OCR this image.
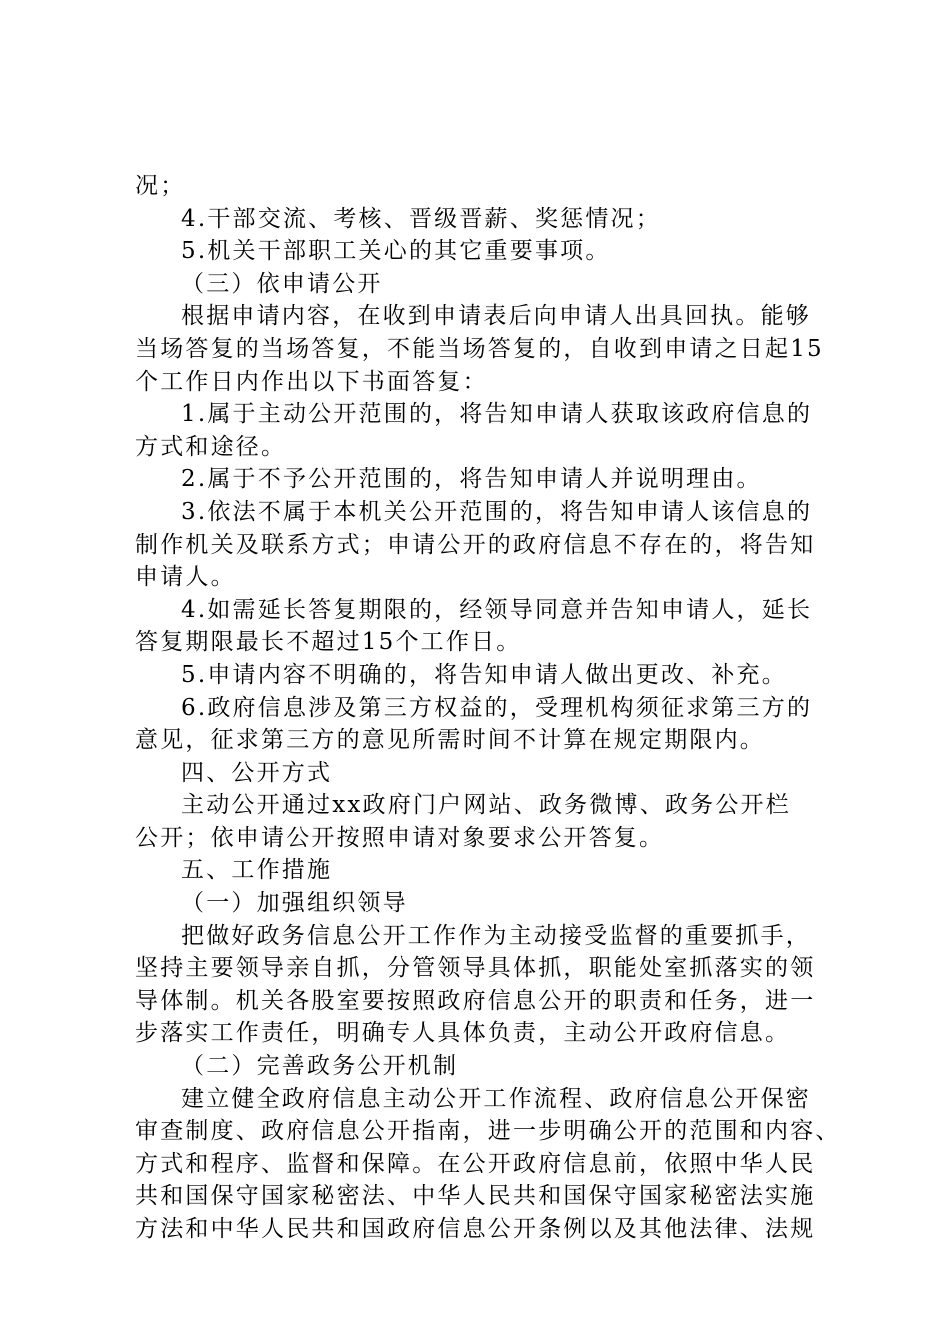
况；

4.干部交流、考核、晋级晋薪、奖惩情况；

5.机关干部职工关心的其它重要事项。

（三）依申请公开

根据申请内容，在收到申请表后向申请人出具回执。能够

当场答复的当场答复，不能当场答复的，自收到申请之日起15

个工作日内作出以下书面答复：

1.属于主动公开范围的，将告知申请人获取该政府信息的

方式和途径。

2.属于不予公开范围的，将告知申请人并说明理由。

3.依法不属于本机关公开范围的，将告知申请人该信息的

制作机关及联系方式；申请公开的政府信息不存在的，将告知

申请人。

4.如需延长答复期限的，经领导同意并告知申请人，延长

答复期限最长不超过15个工作日。

5.申请内容不明确的，将告知申请人做出更改、补充。

6.政府信息涉及第三方权益的，受理机构须征求第三方的

意见，征求第三方的意见所需时间不计算在规定期限内。

四、公开方式

主动公开通过xx政府门户网站、政务微博、政务公开栏

公开；依申请公开按照申请对象要求公开答复。

五、工作措施

（一）加强组织领导

把做好政务信息公开工作作为主动接受监督的重要抓手，

坚持主要领导亲自抓，分管领导具体抓，职能处室抓落实的领

导体制。机关各股室要按照政府信息公开的职责和任务，进一

步落实工作责任，明确专人具体负责，主动公开政府信息。

（二）完善政务公开机制

建立健全政府信息主动公开工作流程、政府信息公开保密

审查制度、政府信息公开指南，进一步明确公开的范围和内容、

方式和程序、监督和保障。在公开政府信息前，依照中华人民

共和国保守国家秘密法、中华人民共和国保守国家秘密法实施

方法和中华人民共和国政府信息公开条例以及其他法律、法规
